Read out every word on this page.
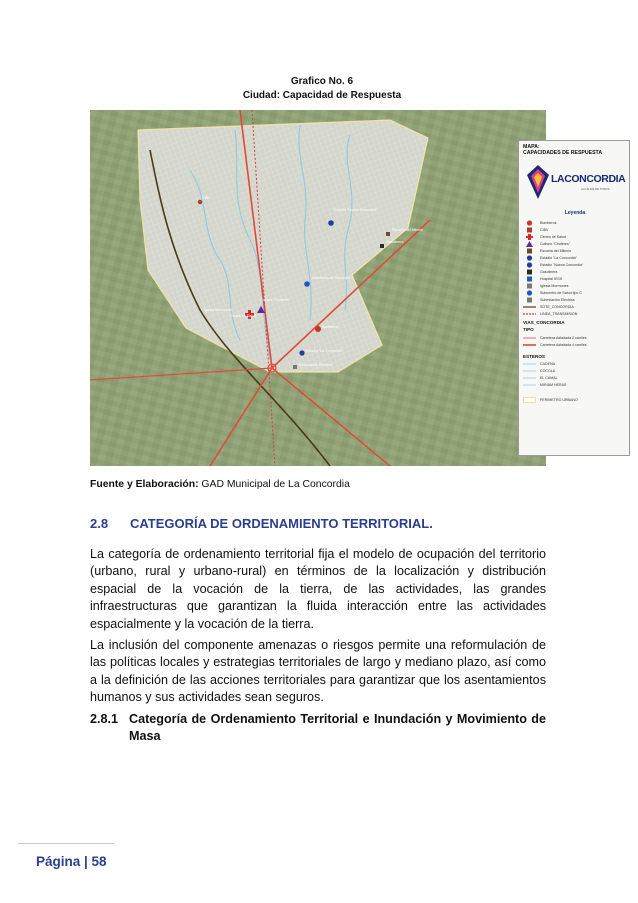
Grafico No. 6
Ciudad: Capacidad de Respuesta
CIBV
Estadio "Nueva Concordia"
Escuela del Milenio
Gasolinera
Subcentro de Salud tipo C
Coliseo "Choferes"
Iglesia Mormones
Centro de Salud
Bomberos
Estadio "La Concordia"
Subestación Eléctrica
MAPA:
CAPACIDADES DE RESPUESTA
LACONCORDIA
ALCALDÍA DE TODOS
Leyenda
Bomberos
CIBV
Centro de Salud
Coliseo "Choferes"
Escuela del Milenio
Estadio "La Concordia"
Estadio "Nueva Concordia"
Gasolinera
Hospital IESS
Iglesia Mormones
Subcentro de Salud tipo C
Subestación Eléctrica
SOTE_CONCORDIA
LINEA_TRANSMISION
VIAS_CONCORDIA
TIPO
Carretera Asfaltada 2 carriles
Carretera Asfaltada 4 carriles
ESTEROS
CADENA
COCOLA
EL CAMAL
MIRIAM HERAS
PERIMETRO URBANO
Fuente y Elaboración: GAD Municipal de La Concordia
2.8 CATEGORÍA DE ORDENAMIENTO TERRITORIAL.

La categoría de ordenamiento territorial fija el modelo de ocupación del territorio (urbano, rural y urbano-rural) en términos de la localización y distribución espacial de la vocación de la tierra, de las actividades, las grandes infraestructuras que garantizan la fluida interacción entre las actividades espacialmente y la vocación de la tierra.

La inclusión del componente amenazas o riesgos permite una reformulación de las políticas locales y estrategias territoriales de largo y mediano plazo, así como a la definición de las acciones territoriales para garantizar que los asentamientos humanos y sus actividades sean seguros.

2.8.1 Categoría de Ordenamiento Territorial e Inundación y Movimiento de Masa
Página | 58
